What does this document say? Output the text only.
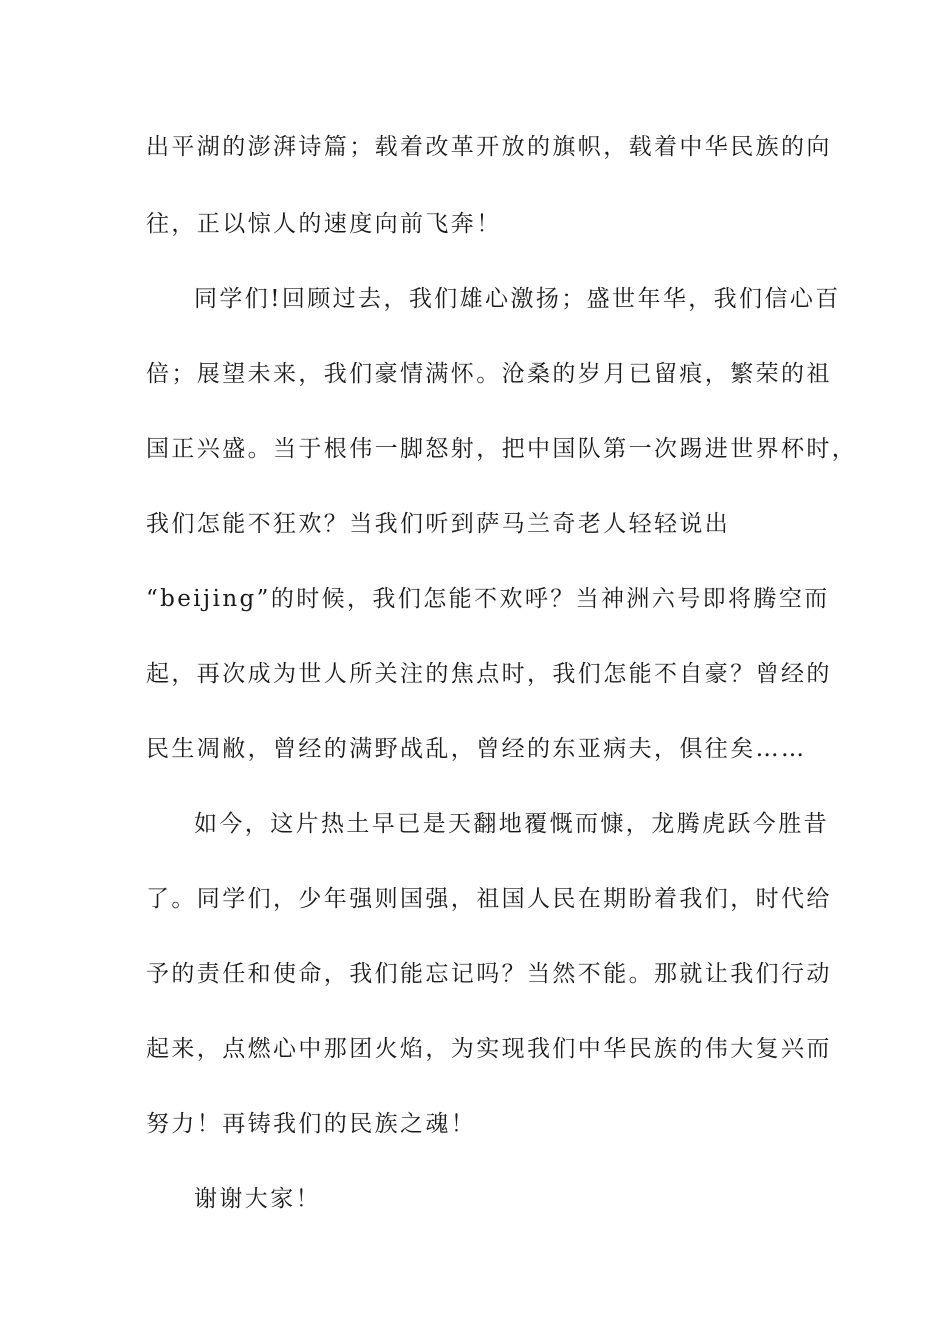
出平湖的澎湃诗篇；载着改革开放的旗帜，载着中华民族的向
往，正以惊人的速度向前飞奔！
同学们!回顾过去，我们雄心激扬；盛世年华，我们信心百
倍；展望未来，我们豪情满怀。沧桑的岁月已留痕，繁荣的祖
国正兴盛。当于根伟一脚怒射，把中国队第一次踢进世界杯时，
我们怎能不狂欢？当我们听到萨马兰奇老人轻轻说出
“beijing”的时候，我们怎能不欢呼？当神洲六号即将腾空而
起，再次成为世人所关注的焦点时，我们怎能不自豪？曾经的
民生凋敝，曾经的满野战乱，曾经的东亚病夫，俱往矣……
如今，这片热土早已是天翻地覆慨而慷，龙腾虎跃今胜昔
了。同学们，少年强则国强，祖国人民在期盼着我们，时代给
予的责任和使命，我们能忘记吗？当然不能。那就让我们行动
起来，点燃心中那团火焰，为实现我们中华民族的伟大复兴而
努力！再铸我们的民族之魂！
谢谢大家！
